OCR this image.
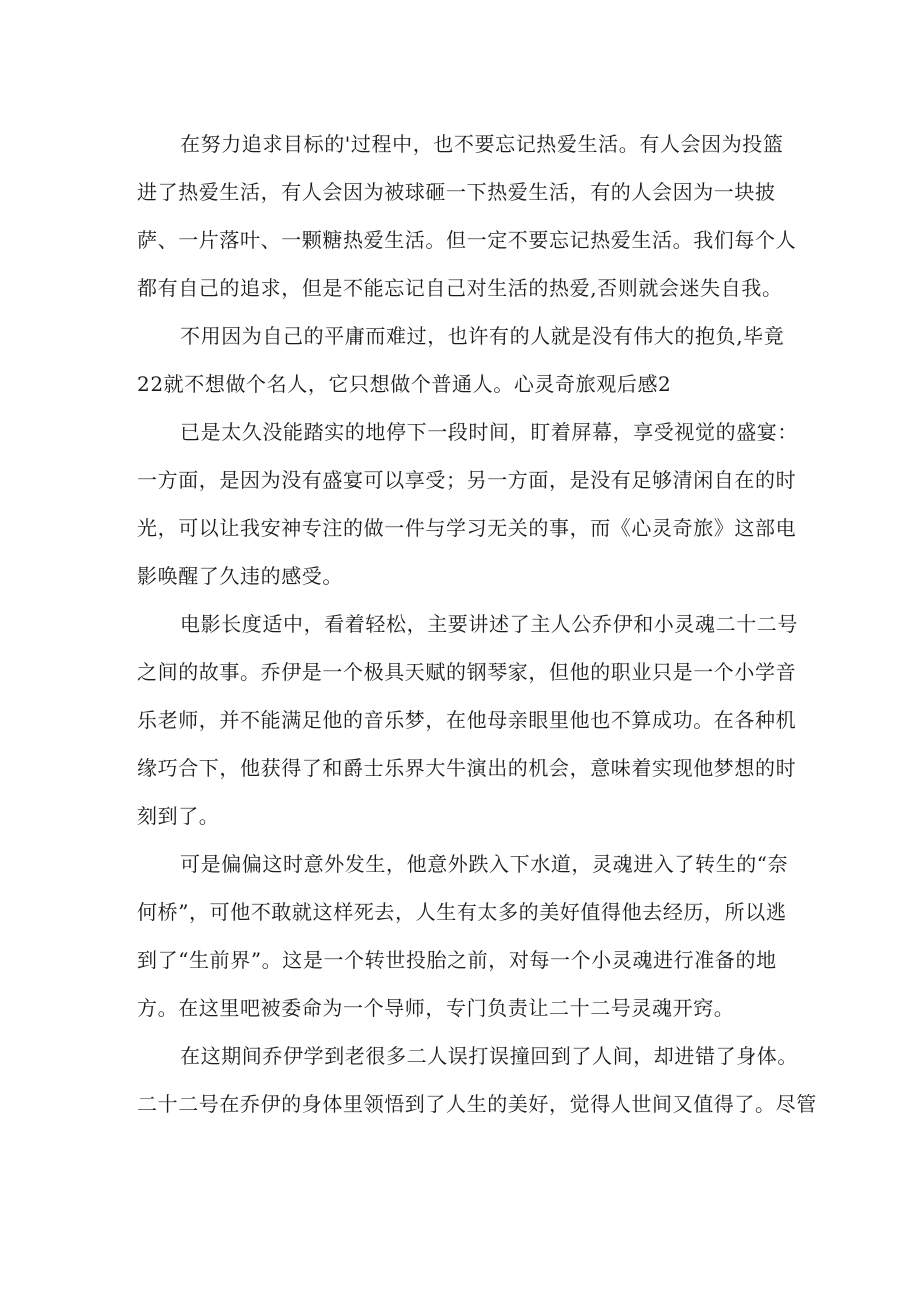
在努力追求目标的'过程中，也不要忘记热爱生活。有人会因为投篮
进了热爱生活，有人会因为被球砸一下热爱生活，有的人会因为一块披
萨、一片落叶、一颗糖热爱生活。但一定不要忘记热爱生活。我们每个人
都有自己的追求，但是不能忘记自己对生活的热爱,否则就会迷失自我。
不用因为自己的平庸而难过，也许有的人就是没有伟大的抱负,毕竟
22就不想做个名人，它只想做个普通人。心灵奇旅观后感2
已是太久没能踏实的地停下一段时间，盯着屏幕，享受视觉的盛宴：
一方面，是因为没有盛宴可以享受；另一方面，是没有足够清闲自在的时
光，可以让我安神专注的做一件与学习无关的事，而《心灵奇旅》这部电
影唤醒了久违的感受。
电影长度适中，看着轻松，主要讲述了主人公乔伊和小灵魂二十二号
之间的故事。乔伊是一个极具天赋的钢琴家，但他的职业只是一个小学音
乐老师，并不能满足他的音乐梦，在他母亲眼里他也不算成功。在各种机
缘巧合下，他获得了和爵士乐界大牛演出的机会，意味着实现他梦想的时
刻到了。
可是偏偏这时意外发生，他意外跌入下水道，灵魂进入了转生的“奈
何桥”，可他不敢就这样死去，人生有太多的美好值得他去经历，所以逃
到了“生前界”。这是一个转世投胎之前，对每一个小灵魂进行准备的地
方。在这里吧被委命为一个导师，专门负责让二十二号灵魂开窍。
在这期间乔伊学到老很多二人误打误撞回到了人间，却进错了身体。
二十二号在乔伊的身体里领悟到了人生的美好，觉得人世间又值得了。尽管
